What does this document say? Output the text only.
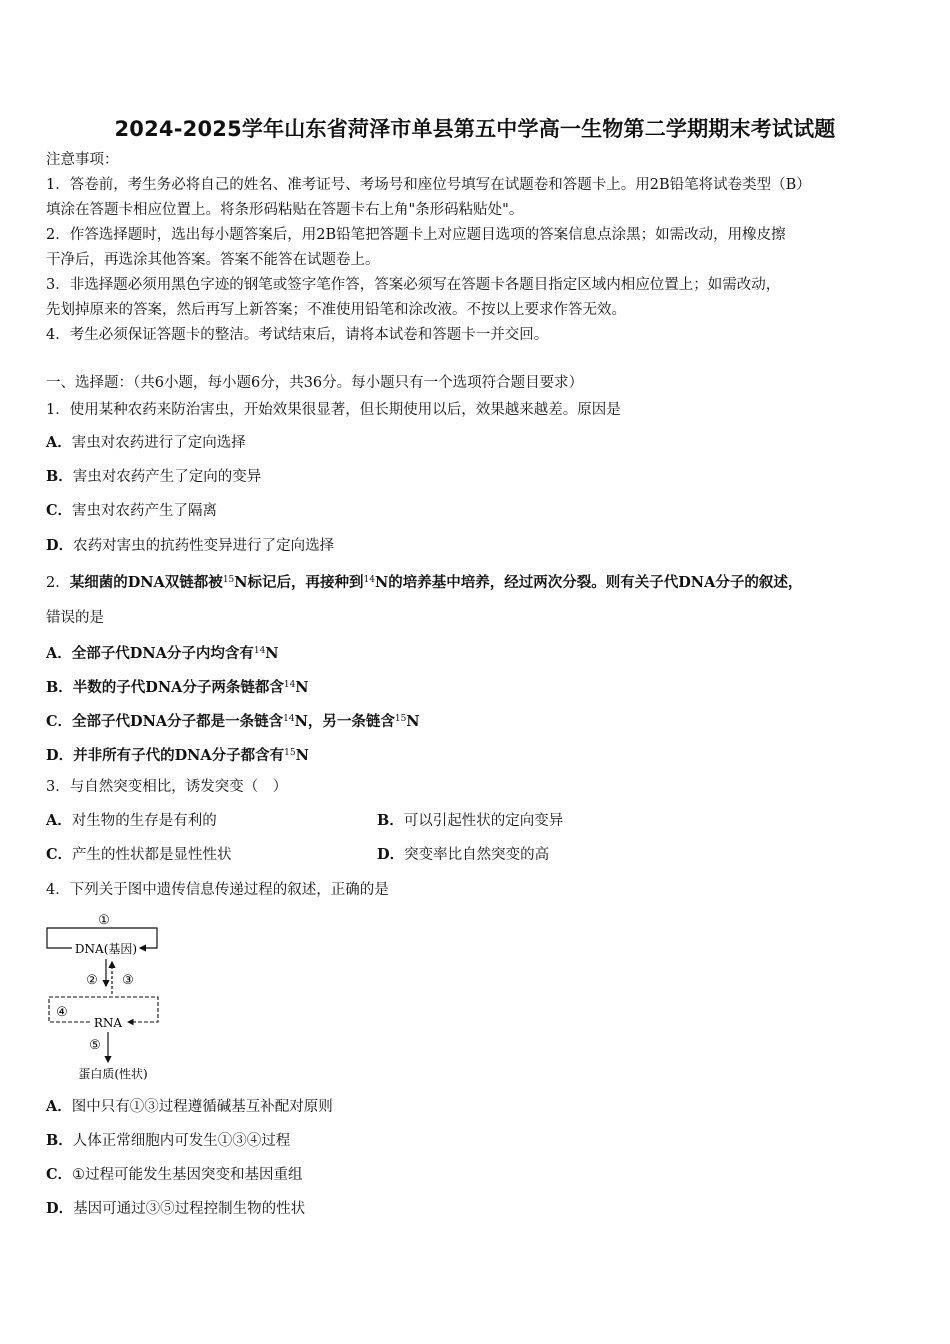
2024-2025学年山东省菏泽市单县第五中学高一生物第二学期期末考试试题
注意事项：
1．答卷前，考生务必将自己的姓名、准考证号、考场号和座位号填写在试题卷和答题卡上。用2B铅笔将试卷类型（B）
填涂在答题卡相应位置上。将条形码粘贴在答题卡右上角"条形码粘贴处"。
2．作答选择题时，选出每小题答案后，用2B铅笔把答题卡上对应题目选项的答案信息点涂黑；如需改动，用橡皮擦
干净后，再选涂其他答案。答案不能答在试题卷上。
3．非选择题必须用黑色字迹的钢笔或签字笔作答，答案必须写在答题卡各题目指定区域内相应位置上；如需改动，
先划掉原来的答案，然后再写上新答案；不准使用铅笔和涂改液。不按以上要求作答无效。
4．考生必须保证答题卡的整洁。考试结束后，请将本试卷和答题卡一并交回。
一、选择题：（共6小题，每小题6分，共36分。每小题只有一个选项符合题目要求）
1．使用某种农药来防治害虫，开始效果很显著，但长期使用以后，效果越来越差。原因是
A．害虫对农药进行了定向选择
B．害虫对农药产生了定向的变异
C．害虫对农药产生了隔离
D．农药对害虫的抗药性变异进行了定向选择
2．某细菌的DNA双链都被$^{15}$N标记后，再接种到$^{14}$N的培养基中培养，经过两次分裂。则有关子代DNA分子的叙述，
错误的是
A．全部子代DNA分子内均含有$^{14}$N
B．半数的子代DNA分子两条链都含$^{14}$N
C．全部子代DNA分子都是一条链含$^{14}$N，另一条链含$^{15}$N
D．并非所有子代的DNA分子都含有$^{15}$N
3．与自然突变相比，诱发突变（　）
A．对生物的生存是有利的	B．可以引起性状的定向变异
C．产生的性状都是显性性状	D．突变率比自然突变的高
4．下列关于图中遗传信息传递过程的叙述，正确的是
①
DNA(基因)
② ③
④
RNA
⑤
蛋白质(性状)
A．图中只有①③过程遵循碱基互补配对原则
B．人体正常细胞内可发生①③④过程
C．①过程可能发生基因突变和基因重组
D．基因可通过③⑤过程控制生物的性状
